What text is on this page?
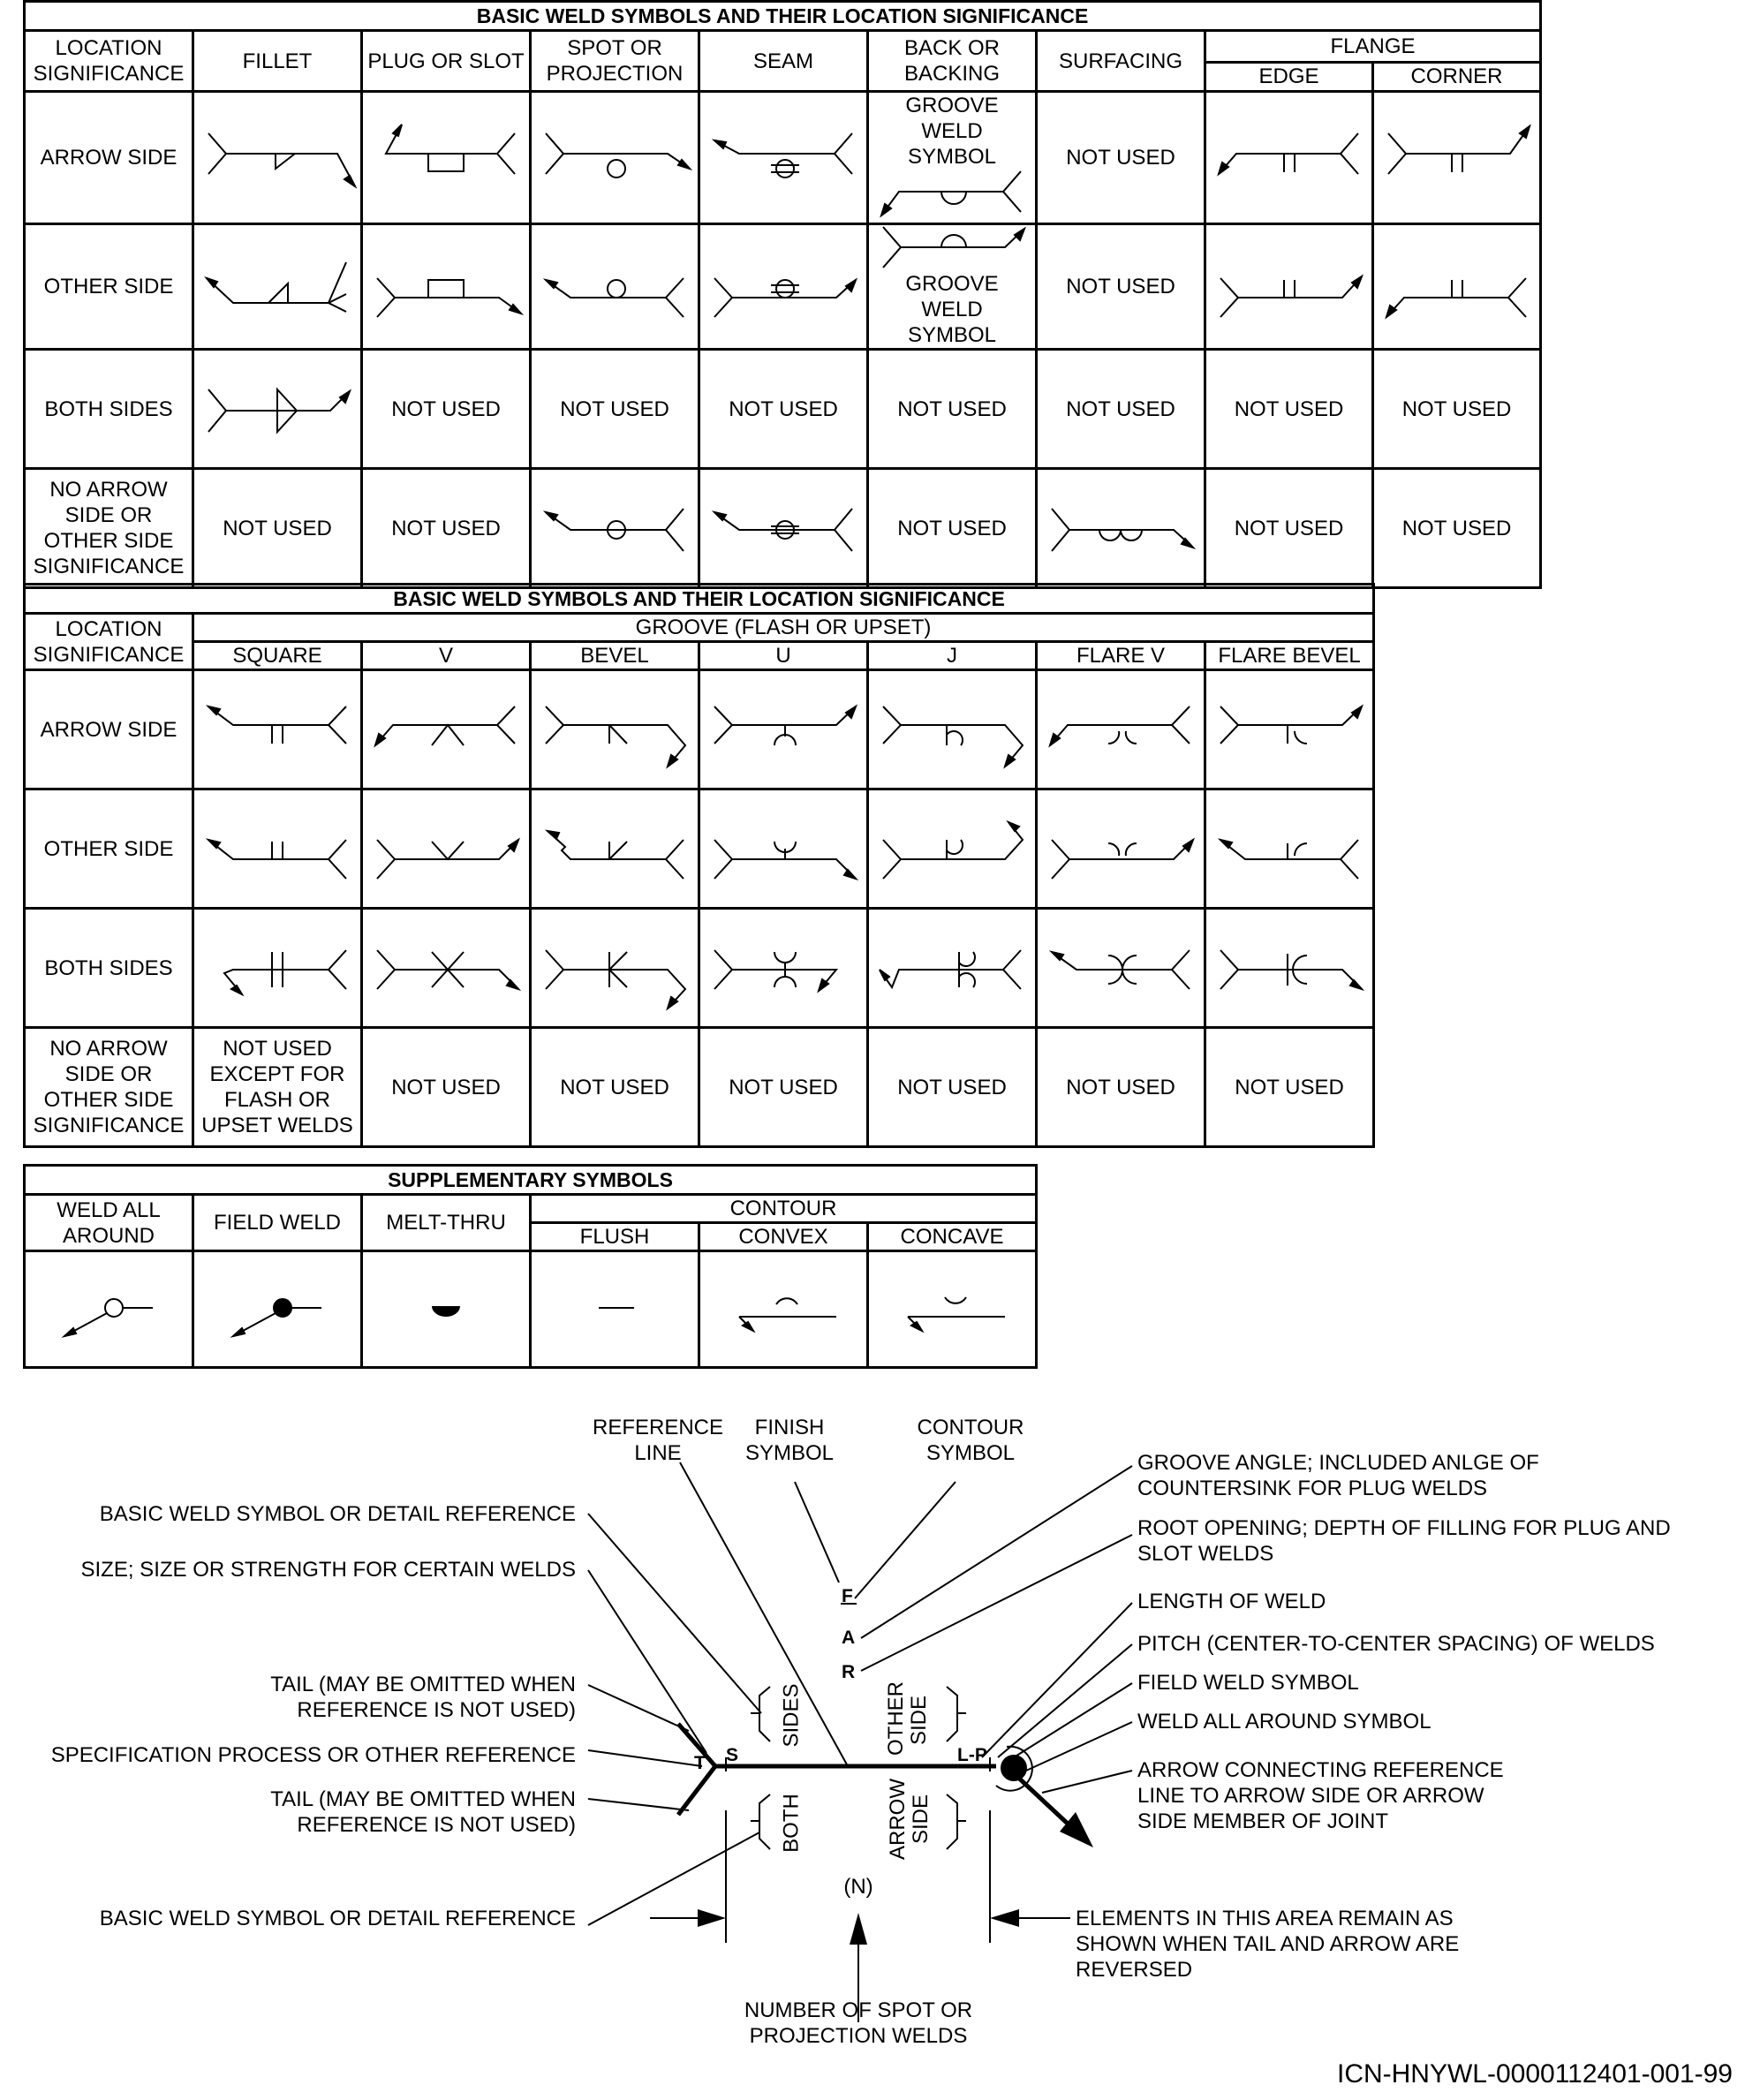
BASIC WELD SYMBOLS AND THEIR LOCATION SIGNIFICANCE								
LOCATION SIGNIFICANCE	FILLET	PLUG OR SLOT	SPOT OR PROJECTION	SEAM	BACK OR BACKING	SURFACING	FLANGE	
							EDGE	CORNER
ARROW SIDE					GROOVE WELD SYMBOL	NOT USED	

OTHER SIDE					GROOVE WELD SYMBOL	NOT USED	

BOTH SIDES		NOT USED	NOT USED	NOT USED	NOT USED	NOT USED	NOT USED	NOT USED
NO ARROW SIDE OR OTHER SIDE SIGNIFICANCE	NOT USED	NOT USED			NOT USED		NOT USED	NOT USED
BASIC WELD SYMBOLS AND THEIR LOCATION SIGNIFICANCE							
LOCATION SIGNIFICANCE	GROOVE (FLASH OR UPSET)						
	SQUARE	V	BEVEL	U	J	FLARE V	FLARE BEVEL
ARROW SIDE	

OTHER SIDE	

BOTH SIDES	

NO ARROW SIDE OR OTHER SIDE SIGNIFICANCE	NOT USED EXCEPT FOR FLASH OR UPSET WELDS	NOT USED	NOT USED	NOT USED	NOT USED	NOT USED	NOT USED
SUPPLEMENTARY SYMBOLS					
WELD ALL AROUND	FIELD WELD	MELT-THRU	CONTOUR		
			FLUSH	CONVEX	CONCAVE

F
A
R
S
T	L-P
SIDES
BOTH
OTHER SIDE
ARROW SIDE
REFERENCE LINE
FINISH SYMBOL
CONTOUR SYMBOL	GROOVE ANGLE; INCLUDED ANLGE OF COUNTERSINK FOR PLUG WELDS
ROOT OPENING; DEPTH OF FILLING FOR PLUG AND SLOT WELDS
LENGTH OF WELD
PITCH (CENTER-TO-CENTER SPACING) OF WELDS
FIELD WELD SYMBOL
WELD ALL AROUND SYMBOL
ARROW CONNECTING REFERENCE LINE TO ARROW SIDE OR ARROW SIDE MEMBER OF JOINT
BASIC WELD SYMBOL OR DETAIL REFERENCE
SIZE; SIZE OR STRENGTH FOR CERTAIN WELDS
TAIL (MAY BE OMITTED WHEN REFERENCE IS NOT USED)
SPECIFICATION PROCESS OR OTHER REFERENCE
TAIL (MAY BE OMITTED WHEN REFERENCE IS NOT USED)
BASIC WELD SYMBOL OR DETAIL REFERENCE	ELEMENTS IN THIS AREA REMAIN AS SHOWN WHEN TAIL AND ARROW ARE REVERSED
(N)
NUMBER OF SPOT OR PROJECTION WELDS
ICN-HNYWL-0000112401-001-99
